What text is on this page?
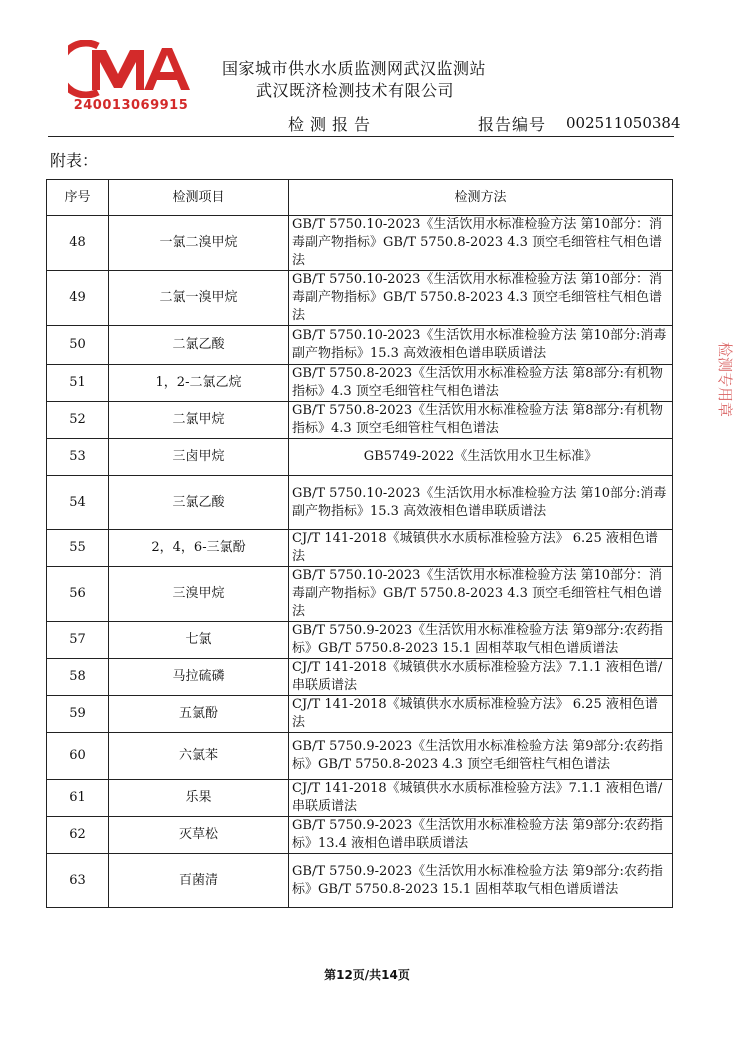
240013069915
国家城市供水水质监测网武汉监测站
武汉既济检测技术有限公司
检测报告	报告编号 002511050384
附表：
序号	检测项目	检测方法
48	一氯二溴甲烷	GB/T 5750.10-2023《生活饮用水标准检验方法 第10部分：消毒副产物指标》GB/T 5750.8-2023 4.3 顶空毛细管柱气相色谱法
49	二氯一溴甲烷	GB/T 5750.10-2023《生活饮用水标准检验方法 第10部分：消毒副产物指标》GB/T 5750.8-2023 4.3 顶空毛细管柱气相色谱法
50	二氯乙酸	GB/T 5750.10-2023《生活饮用水标准检验方法 第10部分:消毒副产物指标》15.3 高效液相色谱串联质谱法
51	1，2-二氯乙烷	GB/T 5750.8-2023《生活饮用水标准检验方法 第8部分:有机物指标》4.3 顶空毛细管柱气相色谱法
52	二氯甲烷	GB/T 5750.8-2023《生活饮用水标准检验方法 第8部分:有机物指标》4.3 顶空毛细管柱气相色谱法
53	三卤甲烷	GB5749-2022《生活饮用水卫生标准》
54	三氯乙酸	GB/T 5750.10-2023《生活饮用水标准检验方法 第10部分:消毒副产物指标》15.3 高效液相色谱串联质谱法
55	2，4，6-三氯酚	CJ/T 141-2018《城镇供水水质标准检验方法》 6.25 液相色谱法
56	三溴甲烷	GB/T 5750.10-2023《生活饮用水标准检验方法 第10部分：消毒副产物指标》GB/T 5750.8-2023 4.3 顶空毛细管柱气相色谱法
57	七氯	GB/T 5750.9-2023《生活饮用水标准检验方法 第9部分:农药指标》GB/T 5750.8-2023 15.1 固相萃取气相色谱质谱法
58	马拉硫磷	CJ/T 141-2018《城镇供水水质标准检验方法》7.1.1 液相色谱/串联质谱法
59	五氯酚	CJ/T 141-2018《城镇供水水质标准检验方法》 6.25 液相色谱法
60	六氯苯	GB/T 5750.9-2023《生活饮用水标准检验方法 第9部分:农药指标》GB/T 5750.8-2023 4.3 顶空毛细管柱气相色谱法
61	乐果	CJ/T 141-2018《城镇供水水质标准检验方法》7.1.1 液相色谱/串联质谱法
62	灭草松	GB/T 5750.9-2023《生活饮用水标准检验方法 第9部分:农药指标》13.4 液相色谱串联质谱法
63	百菌清	GB/T 5750.9-2023《生活饮用水标准检验方法 第9部分:农药指标》GB/T 5750.8-2023 15.1 固相萃取气相色谱质谱法
第12页/共14页
检测专用章
